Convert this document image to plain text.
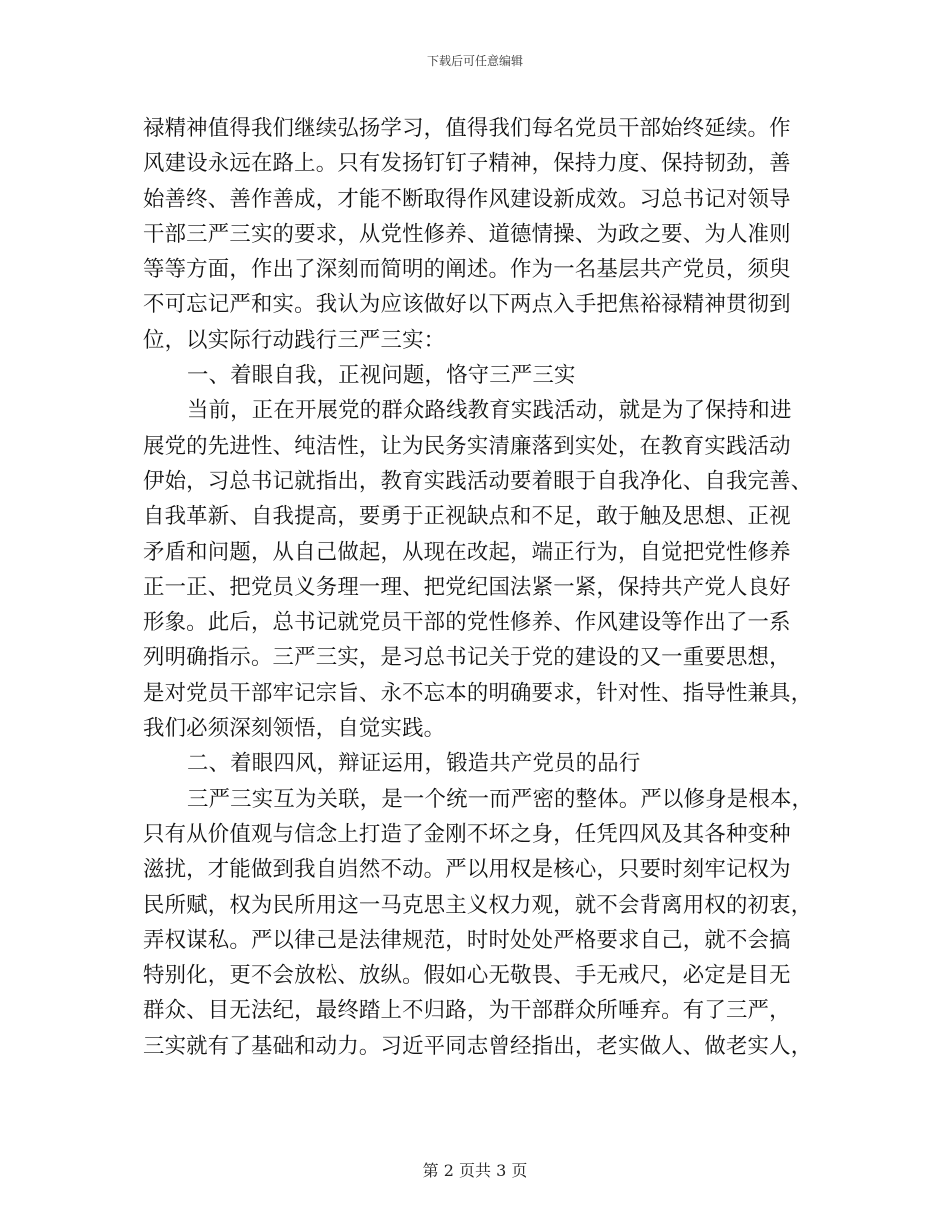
下载后可任意编辑
禄精神值得我们继续弘扬学习，值得我们每名党员干部始终延续。作
风建设永远在路上。只有发扬钉钉子精神，保持力度、保持韧劲，善
始善终、善作善成，才能不断取得作风建设新成效。习总书记对领导
干部三严三实的要求，从党性修养、道德情操、为政之要、为人准则
等等方面，作出了深刻而简明的阐述。作为一名基层共产党员，须臾
不可忘记严和实。我认为应该做好以下两点入手把焦裕禄精神贯彻到
位，以实际行动践行三严三实：
一、着眼自我，正视问题，恪守三严三实
当前，正在开展党的群众路线教育实践活动，就是为了保持和进
展党的先进性、纯洁性，让为民务实清廉落到实处，在教育实践活动
伊始，习总书记就指出，教育实践活动要着眼于自我净化、自我完善、
自我革新、自我提高，要勇于正视缺点和不足，敢于触及思想、正视
矛盾和问题，从自己做起，从现在改起，端正行为，自觉把党性修养
正一正、把党员义务理一理、把党纪国法紧一紧，保持共产党人良好
形象。此后，总书记就党员干部的党性修养、作风建设等作出了一系
列明确指示。三严三实，是习总书记关于党的建设的又一重要思想，
是对党员干部牢记宗旨、永不忘本的明确要求，针对性、指导性兼具，
我们必须深刻领悟，自觉实践。
二、着眼四风，辩证运用，锻造共产党员的品行
三严三实互为关联，是一个统一而严密的整体。严以修身是根本，
只有从价值观与信念上打造了金刚不坏之身，任凭四风及其各种变种
滋扰，才能做到我自岿然不动。严以用权是核心，只要时刻牢记权为
民所赋，权为民所用这一马克思主义权力观，就不会背离用权的初衷，
弄权谋私。严以律己是法律规范，时时处处严格要求自己，就不会搞
特别化，更不会放松、放纵。假如心无敬畏、手无戒尺，必定是目无
群众、目无法纪，最终踏上不归路，为干部群众所唾弃。有了三严，
三实就有了基础和动力。习近平同志曾经指出，老实做人、做老实人，
第 2 页共 3 页
